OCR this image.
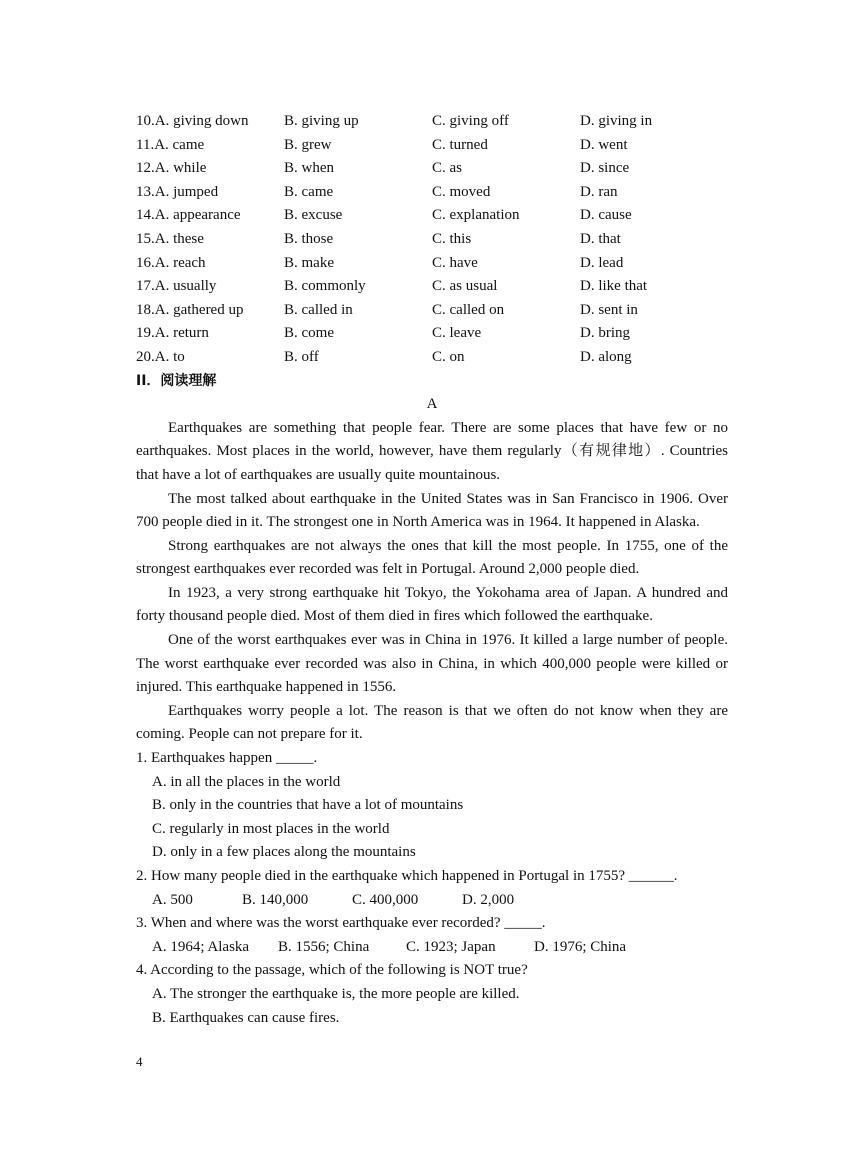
10.A. giving down	B. giving up	C. giving off	D. giving in
11.A. came	B. grew	C. turned	D. went
12.A. while	B. when	C. as	D. since
13.A. jumped	B. came	C. moved	D. ran
14.A. appearance	B. excuse	C. explanation	D. cause
15.A. these	B. those	C. this	D. that
16.A. reach	B. make	C. have	D. lead
17.A. usually	B. commonly	C. as usual	D. like that
18.A. gathered up	B. called in	C. called on	D. sent in
19.A. return	B. come	C. leave	D. bring
20.A. to	B. off	C. on	D. along
II．阅读理解
A

Earthquakes are something that people fear. There are some places that have few or no earthquakes. Most places in the world, however, have them regularly（有规律地）. Countries that have a lot of earthquakes are usually quite mountainous.

The most talked about earthquake in the United States was in San Francisco in 1906. Over 700 people died in it. The strongest one in North America was in 1964. It happened in Alaska.

Strong earthquakes are not always the ones that kill the most people. In 1755, one of the strongest earthquakes ever recorded was felt in Portugal. Around 2,000 people died.

In 1923, a very strong earthquake hit Tokyo, the Yokohama area of Japan. A hundred and forty thousand people died. Most of them died in fires which followed the earthquake.

One of the worst earthquakes ever was in China in 1976. It killed a large number of people. The worst earthquake ever recorded was also in China, in which 400,000 people were killed or injured. This earthquake happened in 1556.

Earthquakes worry people a lot. The reason is that we often do not know when they are coming. People can not prepare for it.

1. Earthquakes happen _____.

A. in all the places in the world

B. only in the countries that have a lot of mountains

C. regularly in most places in the world

D. only in a few places along the mountains

2. How many people died in the earthquake which happened in Portugal in 1755? ______.

A. 500	B. 140,000	C. 400,000	D. 2,000

3. When and where was the worst earthquake ever recorded? _____.

A. 1964; Alaska	B. 1556; China	C. 1923; Japan	D. 1976; China

4. According to the passage, which of the following is NOT true?

A. The stronger the earthquake is, the more people are killed.

B. Earthquakes can cause fires.

4
